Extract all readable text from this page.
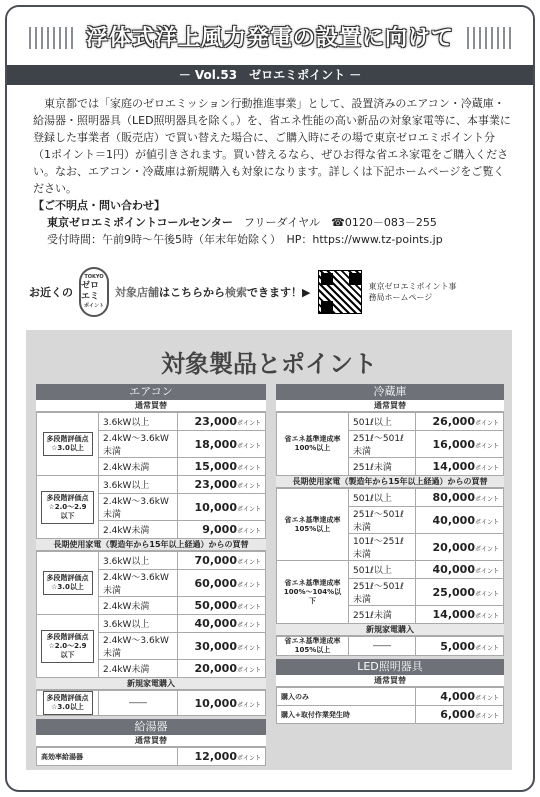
浮体式洋上風力発電の設置に向けて
－ Vol.53　ゼロエミポイント －

東京都では「家庭のゼロエミッション行動推進事業」として、設置済みのエアコン・冷蔵庫・給湯器・照明器具（LED照明器具を除く。）を、省エネ性能の高い新品の対象家電等に、本事業に登録した事業者（販売店）で買い替えた場合に、ご購入時にその場で東京ゼロエミポイント分（1ポイント＝1円）が値引きされます。買い替えるなら、ぜひお得な省エネ家電をご購入ください。なお、エアコン・冷蔵庫は新規購入も対象になります。詳しくは下記ホームページをご覧ください。

【ご不明点・問い合わせ】

東京ゼロエミポイントコールセンター　 フリーダイヤル　☎0120－083－255

受付時間：午前9時～午後5時（年末年始除く）　HP：https://www.tz-points.jp

お近くの
TOKYO
ゼロエミ
ポイント
対象店舗はこちらから検索できます！▶	東京ゼロエミポイント事務局ホームページ
対象製品とポイント
エアコン
通常買替
多段階評価点
☆3.0以上	3.6kW以上	23,000ポイント
	2.4kW～3.6kW未満	18,000ポイント
	2.4kW未満	15,000ポイント
多段階評価点
☆2.0～2.9以下	3.6kW以上	23,000ポイント
	2.4kW～3.6kW未満	10,000ポイント
	2.4kW未満	9,000ポイント
長期使用家電（製造年から15年以上経過）からの買替
多段階評価点
☆3.0以上	3.6kW以上	70,000ポイント
	2.4kW～3.6kW未満	60,000ポイント
	2.4kW未満	50,000ポイント
多段階評価点
☆2.0～2.9以下	3.6kW以上	40,000ポイント
	2.4kW～3.6kW未満	30,000ポイント
	2.4kW未満	20,000ポイント
新規家電購入
多段階評価点
☆3.0以上	――	10,000ポイント
給湯器
通常買替
高効率給湯器	12,000ポイント
冷蔵庫
通常買替
省エネ基準達成率
100%以上	501ℓ以上	26,000ポイント
	251ℓ～501ℓ未満	16,000ポイント
	251ℓ未満	14,000ポイント
長期使用家電（製造年から15年以上経過）からの買替
省エネ基準達成率
105%以上	501ℓ以上	80,000ポイント
	251ℓ～501ℓ未満	40,000ポイント
	101ℓ～251ℓ未満	20,000ポイント
省エネ基準達成率
100%～104%以下	501ℓ以上	40,000ポイント
	251ℓ～501ℓ未満	25,000ポイント
	251ℓ未満	14,000ポイント
新規家電購入
省エネ基準達成率
105%以上	――	5,000ポイント
LED照明器具
通常買替
購入のみ	4,000ポイント
購入+取付作業発生時	6,000ポイント
